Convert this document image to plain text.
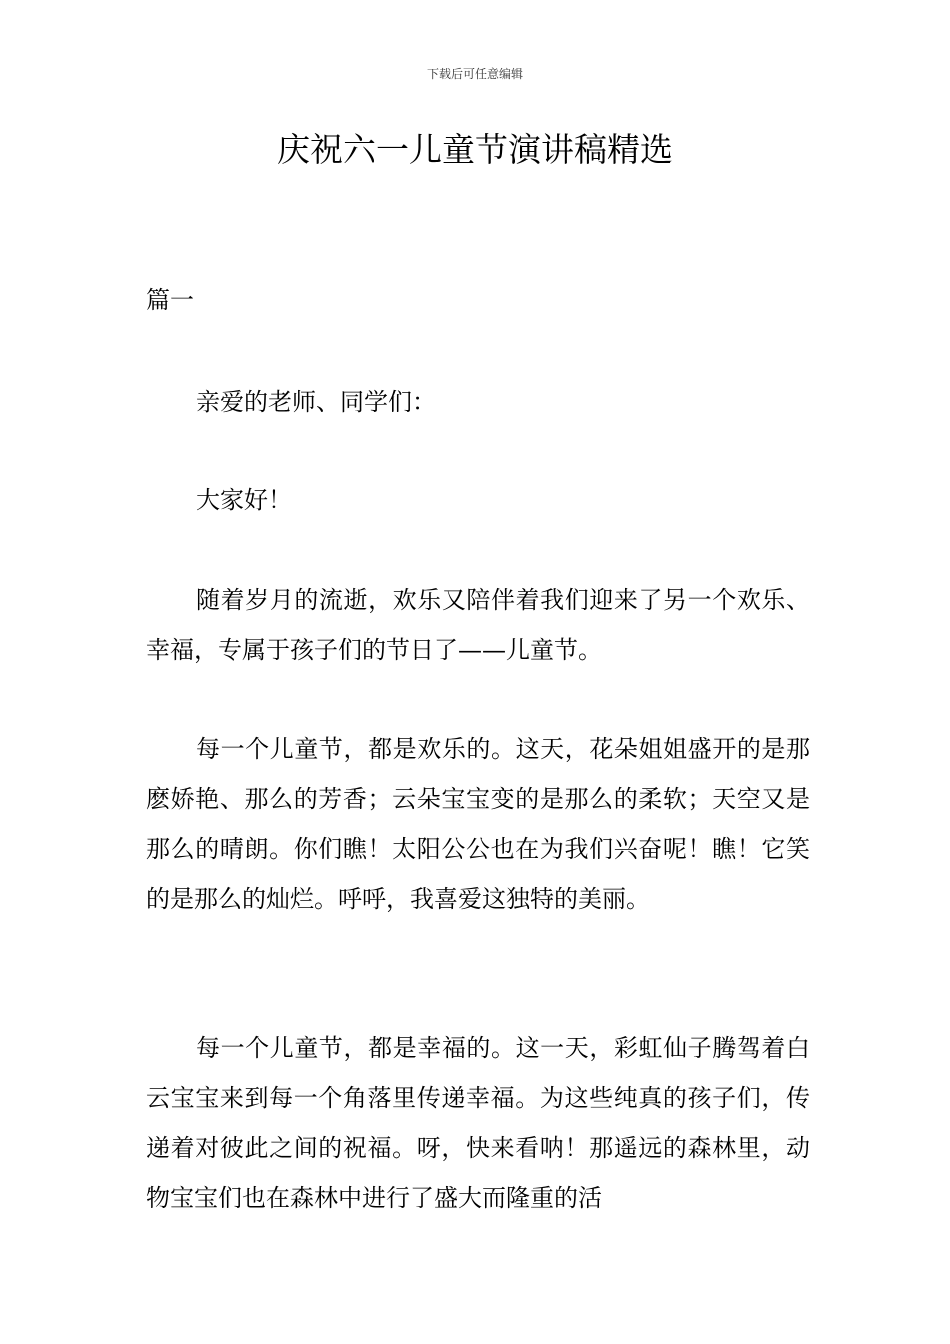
下载后可任意编辑
庆祝六一儿童节演讲稿精选
篇一

亲爱的老师、同学们：

大家好！

随着岁月的流逝，欢乐又陪伴着我们迎来了另一个欢乐、幸福，专属于孩子们的节日了——儿童节。

每一个儿童节，都是欢乐的。这天，花朵姐姐盛开的是那麽娇艳、那么的芳香；云朵宝宝变的是那么的柔软；天空又是那么的晴朗。你们瞧！太阳公公也在为我们兴奋呢！瞧！它笑的是那么的灿烂。呼呼，我喜爱这独特的美丽。

每一个儿童节，都是幸福的。这一天，彩虹仙子腾驾着白云宝宝来到每一个角落里传递幸福。为这些纯真的孩子们，传递着对彼此之间的祝福。呀，快来看呐！那遥远的森林里，动物宝宝们也在森林中进行了盛大而隆重的活
